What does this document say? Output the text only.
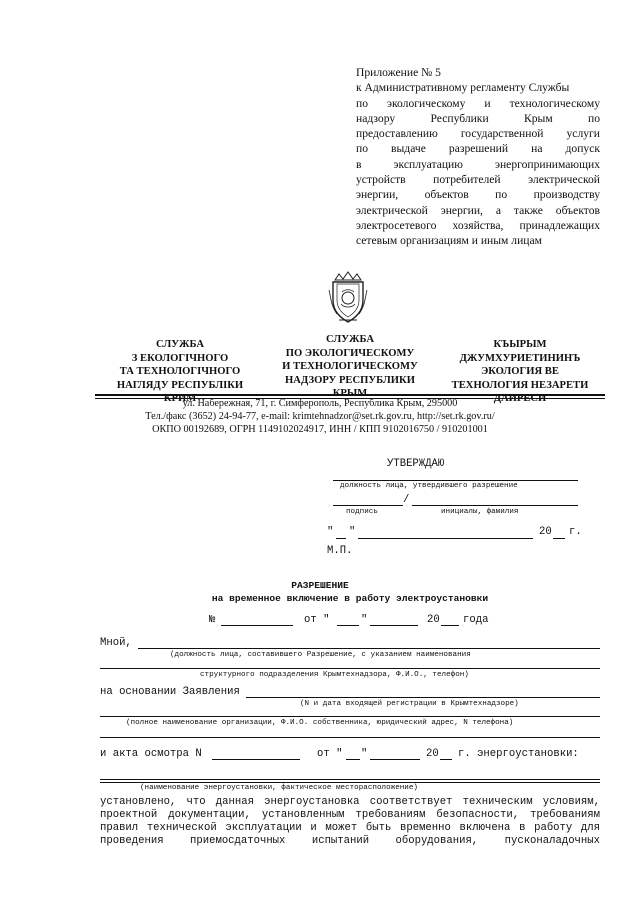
Приложение № 5
к Административному регламенту Службы
по экологическому и технологическому
надзору Республики Крым по
предоставлению государственной услуги
по выдаче разрешений на допуск
в эксплуатацию энергопринимающих
устройств потребителей электрической
энергии, объектов по производству
электрической энергии, а также объектов
электросетевого хозяйства, принадлежащих
сетевым организациям и иным лицам
СЛУЖБА
З ЕКОЛОГІЧНОГО
ТА ТЕХНОЛОГІЧНОГО
НАГЛЯДУ РЕСПУБЛІКИ
КРИМ
СЛУЖБА
ПО ЭКОЛОГИЧЕСКОМУ
И ТЕХНОЛОГИЧЕСКОМУ
НАДЗОРУ РЕСПУБЛИКИ
КРЫМ
КЪЫРЫМ
ДЖУМХУРИЕТИНИНЪ
ЭКОЛОГИЯ ВЕ
ТЕХНОЛОГИЯ НЕЗАРЕТИ
ДАИРЕСИ
ул. Набережная, 71, г. Симферополь, Республика Крым, 295000
Тел./факс (3652) 24-94-77, e-mail: krimtehnadzor@set.rk.gov.ru, http://set.rk.gov.ru/
ОКПО 00192689, ОГРН 1149102024917, ИНН / КПП 9102016750 / 910201001
УТВЕРЖДАЮ
должность лица, утвердившего разрешение
/
подпись	инициалы, фамилия
" "	20 г.
М.П.
РАЗРЕШЕНИЕ
на временное включение в работу электроустановки
№	от "	"	20 года
Мной,
(должность лица, составившего Разрешение, с указанием наименования
структурного подразделения Крымтехнадзора, Ф.И.О., телефон)
на основании Заявления
(N и дата входящей регистрации в Крымтехнадзоре)
(полное наименование организации, Ф.И.О. собственника, юридический адрес, N телефона)
и акта осмотра N	от " "	20 г. энергоустановки:
(наименование энергоустановки, фактическое месторасположение)
установлено, что данная энергоустановка соответствует техническим условиям,
проектной документации, установленным требованиям безопасности, требованиям
правил технической эксплуатации и может быть временно включена в работу для
проведения приемосдаточных испытаний оборудования, пусконаладочных
